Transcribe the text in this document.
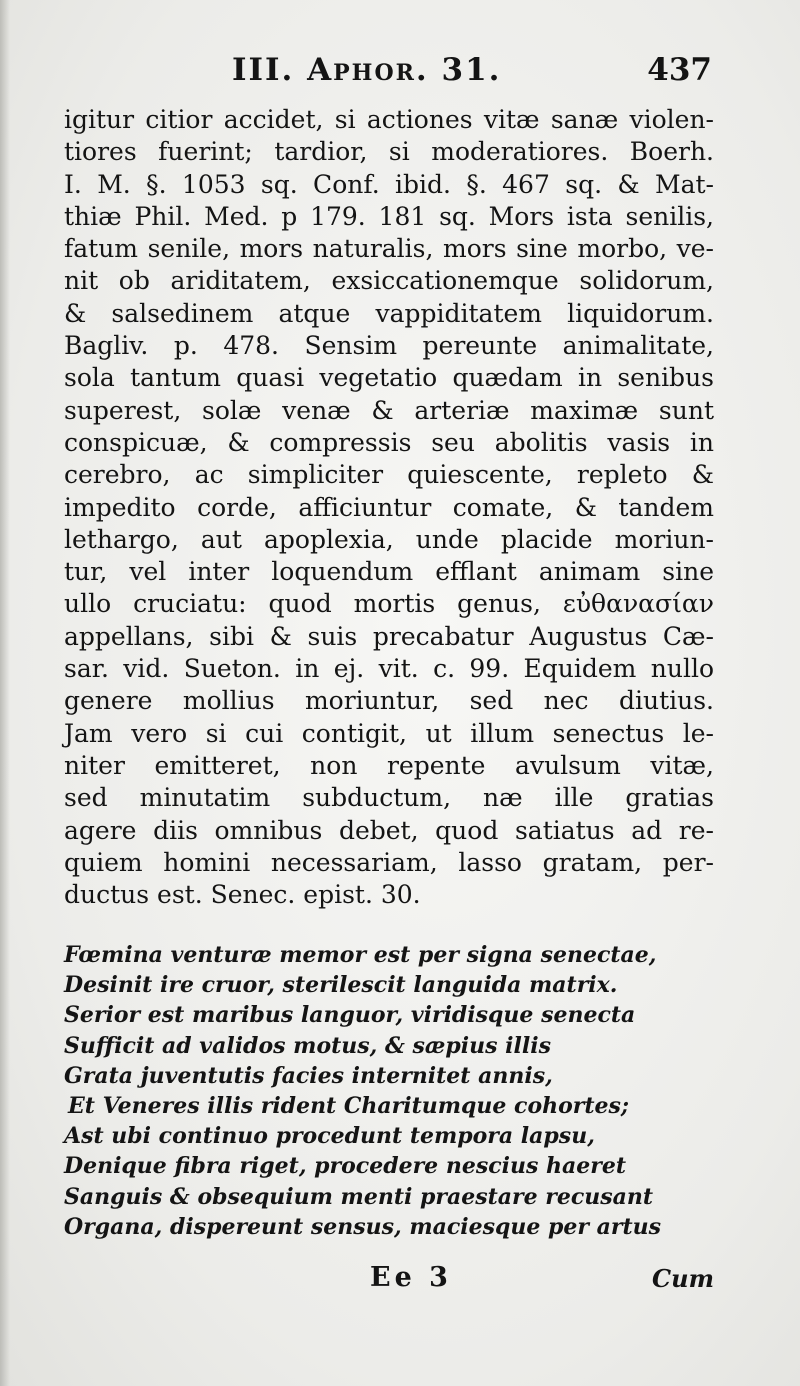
III. Aphor. 31.	437
igitur citior accidet, si actiones vitæ sanæ violen-
tiores fuerint; tardior, si moderatiores. Boerh.
I. M. §. 1053 sq. Conf. ibid. §. 467 sq. & Mat-
thiæ Phil. Med. p 179. 181 sq. Mors ista senilis,
fatum senile, mors naturalis, mors sine morbo, ve-
nit ob ariditatem, exsiccationemque solidorum,
& salsedinem atque vappiditatem liquidorum.
Bagliv. p. 478. Sensim pereunte animalitate,
sola tantum quasi vegetatio quædam in senibus
superest, solæ venæ & arteriæ maximæ sunt
conspicuæ, & compressis seu abolitis vasis in
cerebro, ac simpliciter quiescente, repleto &
impedito corde, afficiuntur comate, & tandem
lethargo, aut apoplexia, unde placide moriun-
tur, vel inter loquendum efflant animam sine
ullo cruciatu: quod mortis genus, εὐθανασίαν
appellans, sibi & suis precabatur Augustus Cæ-
sar. vid. Sueton. in ej. vit. c. 99. Equidem nullo
genere mollius moriuntur, sed nec diutius.
Jam vero si cui contigit, ut illum senectus le-
niter emitteret, non repente avulsum vitæ,
sed minutatim subductum, næ ille gratias
agere diis omnibus debet, quod satiatus ad re-
quiem homini necessariam, lasso gratam, per-
ductus est. Senec. epist. 30.
Fœmina venturæ memor est per signa senectae,
Desinit ire cruor, sterilescit languida matrix.
Serior est maribus languor, viridisque senecta
Sufficit ad validos motus, & sæpius illis
Grata juventutis facies internitet annis,
Et Veneres illis rident Charitumque cohortes;
Ast ubi continuo procedunt tempora lapsu,
Denique fibra riget, procedere nescius haeret
Sanguis & obsequium menti praestare recusant
Organa, dispereunt sensus, maciesque per artus
Ee 3	Cum
